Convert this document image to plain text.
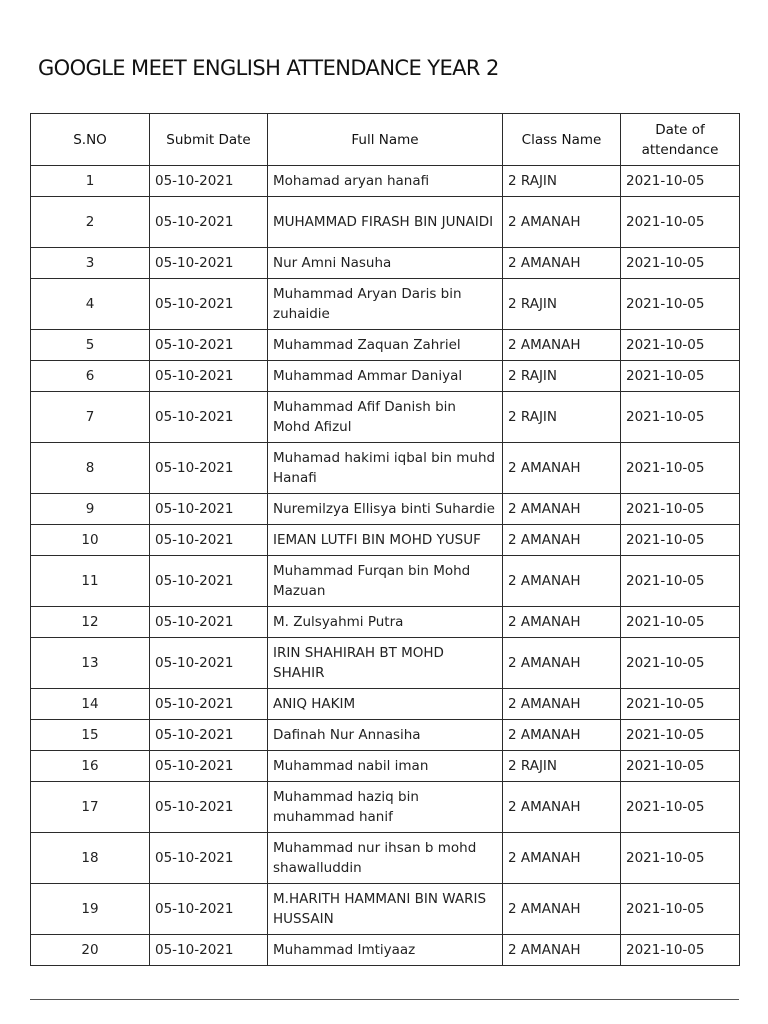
GOOGLE MEET ENGLISH ATTENDANCE YEAR 2
S.NO	Submit Date	Full Name	Class Name	Date of attendance
1	05-10-2021	Mohamad aryan hanafi	2 RAJIN	2021-10-05
2	05-10-2021	MUHAMMAD FIRASH BIN JUNAIDI	2 AMANAH	2021-10-05
3	05-10-2021	Nur Amni Nasuha	2 AMANAH	2021-10-05
4	05-10-2021	Muhammad Aryan Daris bin zuhaidie	2 RAJIN	2021-10-05
5	05-10-2021	Muhammad Zaquan Zahriel	2 AMANAH	2021-10-05
6	05-10-2021	Muhammad Ammar Daniyal	2 RAJIN	2021-10-05
7	05-10-2021	Muhammad Afif Danish bin Mohd Afizul	2 RAJIN	2021-10-05
8	05-10-2021	Muhamad hakimi iqbal bin muhd Hanafi	2 AMANAH	2021-10-05
9	05-10-2021	Nuremilzya Ellisya binti Suhardie	2 AMANAH	2021-10-05
10	05-10-2021	IEMAN LUTFI BIN MOHD YUSUF	2 AMANAH	2021-10-05
11	05-10-2021	Muhammad Furqan bin Mohd Mazuan	2 AMANAH	2021-10-05
12	05-10-2021	M. Zulsyahmi Putra	2 AMANAH	2021-10-05
13	05-10-2021	IRIN SHAHIRAH BT MOHD SHAHIR	2 AMANAH	2021-10-05
14	05-10-2021	ANIQ HAKIM	2 AMANAH	2021-10-05
15	05-10-2021	Dafinah Nur Annasiha	2 AMANAH	2021-10-05
16	05-10-2021	Muhammad nabil iman	2 RAJIN	2021-10-05
17	05-10-2021	Muhammad haziq bin muhammad hanif	2 AMANAH	2021-10-05
18	05-10-2021	Muhammad nur ihsan b mohd shawalluddin	2 AMANAH	2021-10-05
19	05-10-2021	M.HARITH HAMMANI BIN WARIS HUSSAIN	2 AMANAH	2021-10-05
20	05-10-2021	Muhammad Imtiyaaz	2 AMANAH	2021-10-05
